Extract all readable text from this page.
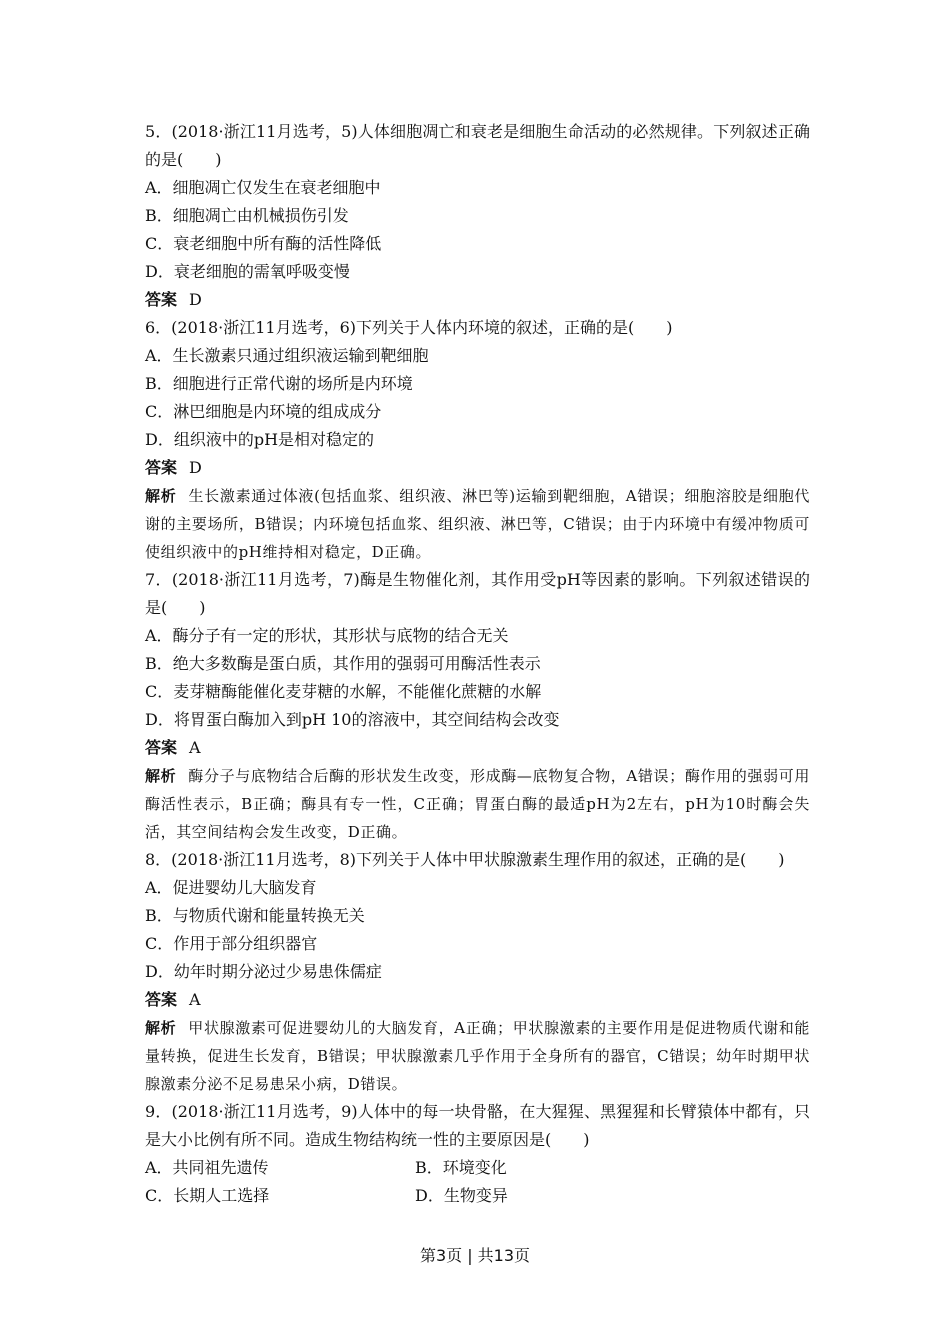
5．(2018·浙江11月选考，5)人体细胞凋亡和衰老是细胞生命活动的必然规律。下列叙述正确的是(　　)
A．细胞凋亡仅发生在衰老细胞中
B．细胞凋亡由机械损伤引发
C．衰老细胞中所有酶的活性降低
D．衰老细胞的需氧呼吸变慢
答案 D
6．(2018·浙江11月选考，6)下列关于人体内环境的叙述，正确的是(　　)
A．生长激素只通过组织液运输到靶细胞
B．细胞进行正常代谢的场所是内环境
C．淋巴细胞是内环境的组成成分
D．组织液中的pH是相对稳定的
答案 D
解析 生长激素通过体液(包括血浆、组织液、淋巴等)运输到靶细胞，A错误；细胞溶胶是细胞代谢的主要场所，B错误；内环境包括血浆、组织液、淋巴等，C错误；由于内环境中有缓冲物质可使组织液中的pH维持相对稳定，D正确。
7．(2018·浙江11月选考，7)酶是生物催化剂，其作用受pH等因素的影响。下列叙述错误的是(　　)
A．酶分子有一定的形状，其形状与底物的结合无关
B．绝大多数酶是蛋白质，其作用的强弱可用酶活性表示
C．麦芽糖酶能催化麦芽糖的水解，不能催化蔗糖的水解
D．将胃蛋白酶加入到pH 10的溶液中，其空间结构会改变
答案 A
解析 酶分子与底物结合后酶的形状发生改变，形成酶—底物复合物，A错误；酶作用的强弱可用酶活性表示，B正确；酶具有专一性，C正确；胃蛋白酶的最适pH为2左右，pH为10时酶会失活，其空间结构会发生改变，D正确。
8．(2018·浙江11月选考，8)下列关于人体中甲状腺激素生理作用的叙述，正确的是(　　)
A．促进婴幼儿大脑发育
B．与物质代谢和能量转换无关
C．作用于部分组织器官
D．幼年时期分泌过少易患侏儒症
答案 A
解析 甲状腺激素可促进婴幼儿的大脑发育，A正确；甲状腺激素的主要作用是促进物质代谢和能量转换，促进生长发育，B错误；甲状腺激素几乎作用于全身所有的器官，C错误；幼年时期甲状腺激素分泌不足易患呆小病，D错误。
9．(2018·浙江11月选考，9)人体中的每一块骨骼，在大猩猩、黑猩猩和长臂猿体中都有，只是大小比例有所不同。造成生物结构统一性的主要原因是(　　)
A．共同祖先遗传	B．环境变化
C．长期人工选择	D．生物变异
第3页 | 共13页
